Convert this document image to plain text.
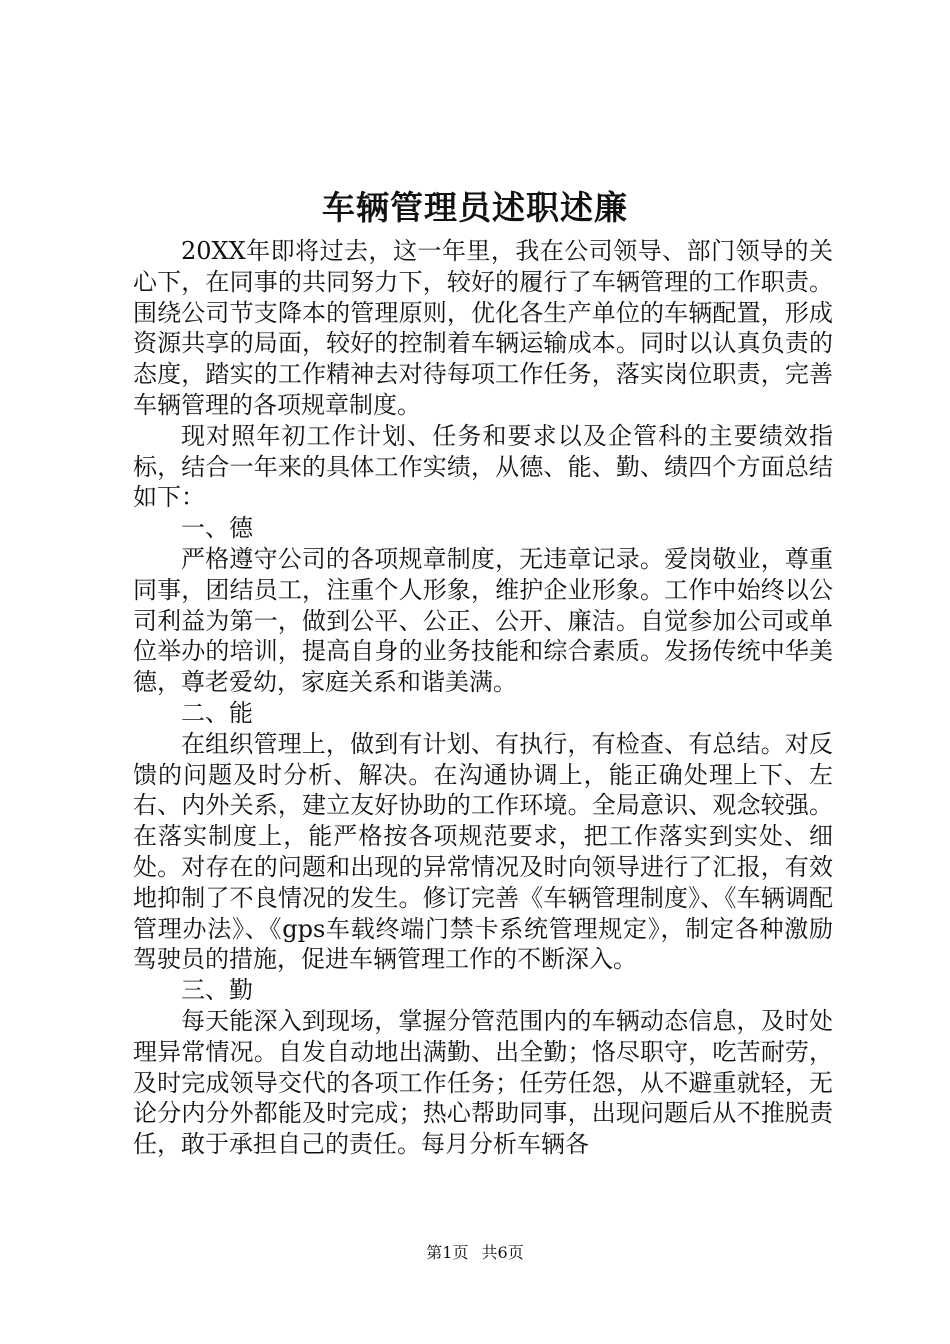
车辆管理员述职述廉

20XX年即将过去，这一年里，我在公司领导、部门领导的关心下，在同事的共同努力下，较好的履行了车辆管理的工作职责。围绕公司节支降本的管理原则，优化各生产单位的车辆配置，形成资源共享的局面，较好的控制着车辆运输成本。同时以认真负责的态度，踏实的工作精神去对待每项工作任务，落实岗位职责，完善车辆管理的各项规章制度。

现对照年初工作计划、任务和要求以及企管科的主要绩效指标，结合一年来的具体工作实绩，从德、能、勤、绩四个方面总结如下：

一、德

严格遵守公司的各项规章制度，无违章记录。爱岗敬业，尊重同事，团结员工，注重个人形象，维护企业形象。工作中始终以公司利益为第一，做到公平、公正、公开、廉洁。自觉参加公司或单位举办的培训，提高自身的业务技能和综合素质。发扬传统中华美德，尊老爱幼，家庭关系和谐美满。

二、能

在组织管理上，做到有计划、有执行，有检查、有总结。对反馈的问题及时分析、解决。在沟通协调上，能正确处理上下、左右、内外关系，建立友好协助的工作环境。全局意识、观念较强。在落实制度上，能严格按各项规范要求，把工作落实到实处、细处。对存在的问题和出现的异常情况及时向领导进行了汇报，有效地抑制了不良情况的发生。修订完善《车辆管理制度》、《车辆调配管理办法》、《gps车载终端门禁卡系统管理规定》，制定各种激励驾驶员的措施，促进车辆管理工作的不断深入。

三、勤

每天能深入到现场，掌握分管范围内的车辆动态信息，及时处理异常情况。自发自动地出满勤、出全勤；恪尽职守，吃苦耐劳，及时完成领导交代的各项工作任务；任劳任怨，从不避重就轻，无论分内分外都能及时完成；热心帮助同事，出现问题后从不推脱责任，敢于承担自己的责任。每月分析车辆各

第1页 共6页
